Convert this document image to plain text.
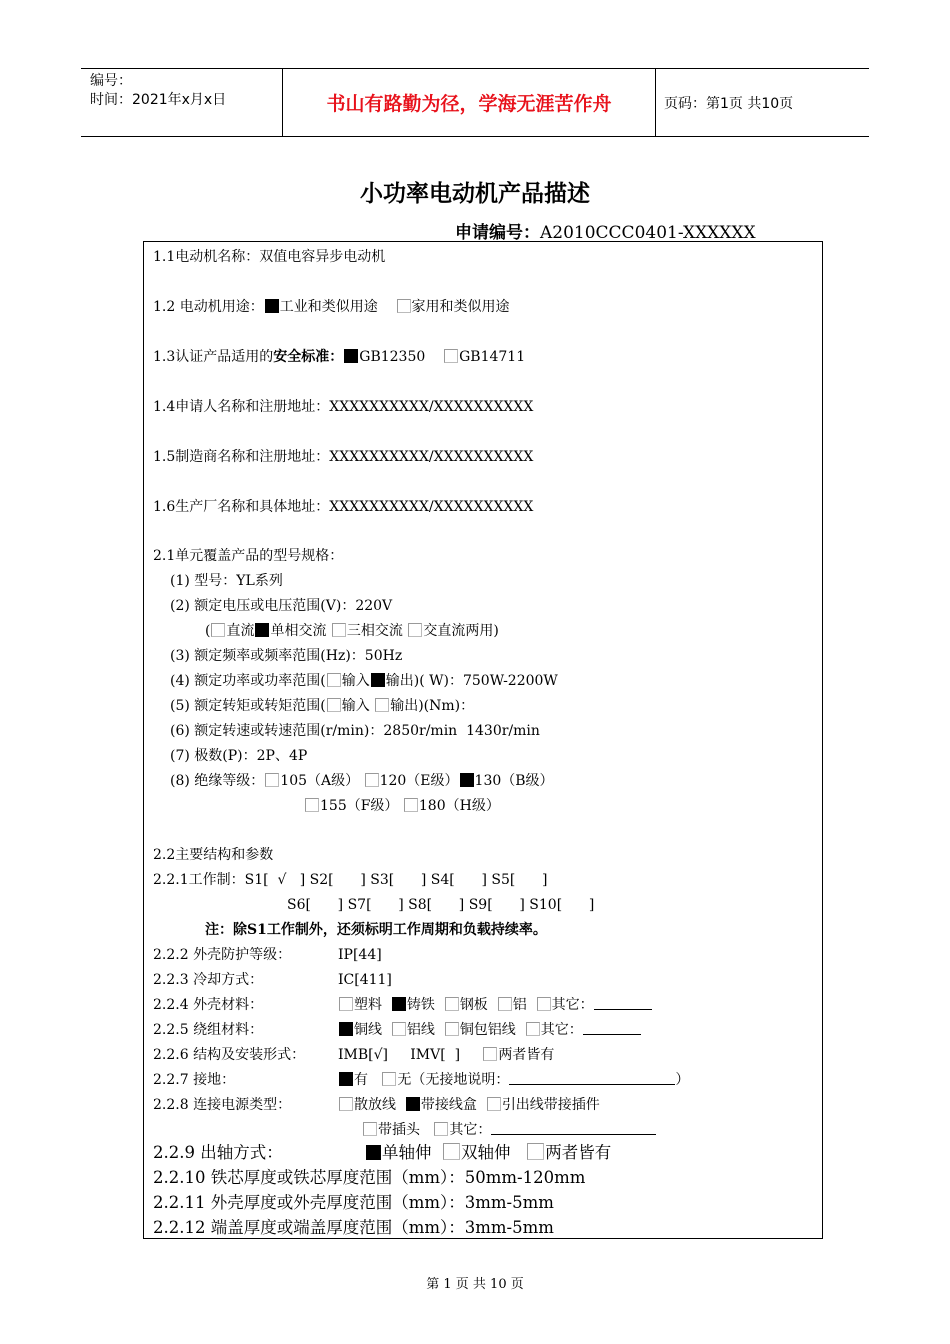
编号：
时间：2021年x月x日	书山有路勤为径，学海无涯苦作舟	页码：第1页 共10页
小功率电动机产品描述
申请编号：A2010CCC0401-XXXXXX
1.1电动机名称：双值电容异步电动机
1.2 电动机用途： 工业和类似用途 家用和类似用途
1.3认证产品适用的安全标准： GB12350 GB14711
1.4申请人名称和注册地址：XXXXXXXXXX/XXXXXXXXXX
1.5制造商名称和注册地址：XXXXXXXXXX/XXXXXXXXXX
1.6生产厂名称和具体地址：XXXXXXXXXX/XXXXXXXXXX
2.1单元覆盖产品的型号规格：
(1) 型号：YL系列
(2) 额定电压或电压范围(V)：220V
( 直流 单相交流 三相交流 交直流两用)
(3) 额定频率或频率范围(Hz)：50Hz
(4) 额定功率或功率范围( 输入 输出)( W)：750W-2200W
(5) 额定转矩或转矩范围( 输入 输出)(Nm)：
(6) 额定转速或转速范围(r/min)：2850r/min  1430r/min
(7) 极数(P)：2P、4P
(8) 绝缘等级： 105（A级） 120（E级） 130（B级）
155（F级） 180（H级）
2.2主要结构和参数
2.2.1工作制：S1[  √   ] S2[      ] S3[      ] S4[      ] S5[      ]
S6[      ] S7[      ] S8[      ] S9[      ] S10[      ]
注：除S1工作制外，还须标明工作周期和负载持续率。
2.2.2 外壳防护等级：	IP[44]
2.2.3 冷却方式：	IC[411]
2.2.4 外壳材料：	塑料 铸铁 钢板 铝 其它：
2.2.5 绕组材料：	铜线 铝线 铜包铝线 其它：
2.2.6 结构及安装形式： IMB[√] IMV[  ]	两者皆有
2.2.7 接地：	有 无（无接地说明：	）
2.2.8 连接电源类型：	散放线 带接线盒 引出线带接插件
带插头 其它：
2.2.9 出轴方式：	单轴伸 双轴伸 两者皆有
2.2.10 铁芯厚度或铁芯厚度范围（mm）：50mm-120mm
2.2.11 外壳厚度或外壳厚度范围（mm）：3mm-5mm
2.2.12 端盖厚度或端盖厚度范围（mm）：3mm-5mm
第 1 页 共 10 页
